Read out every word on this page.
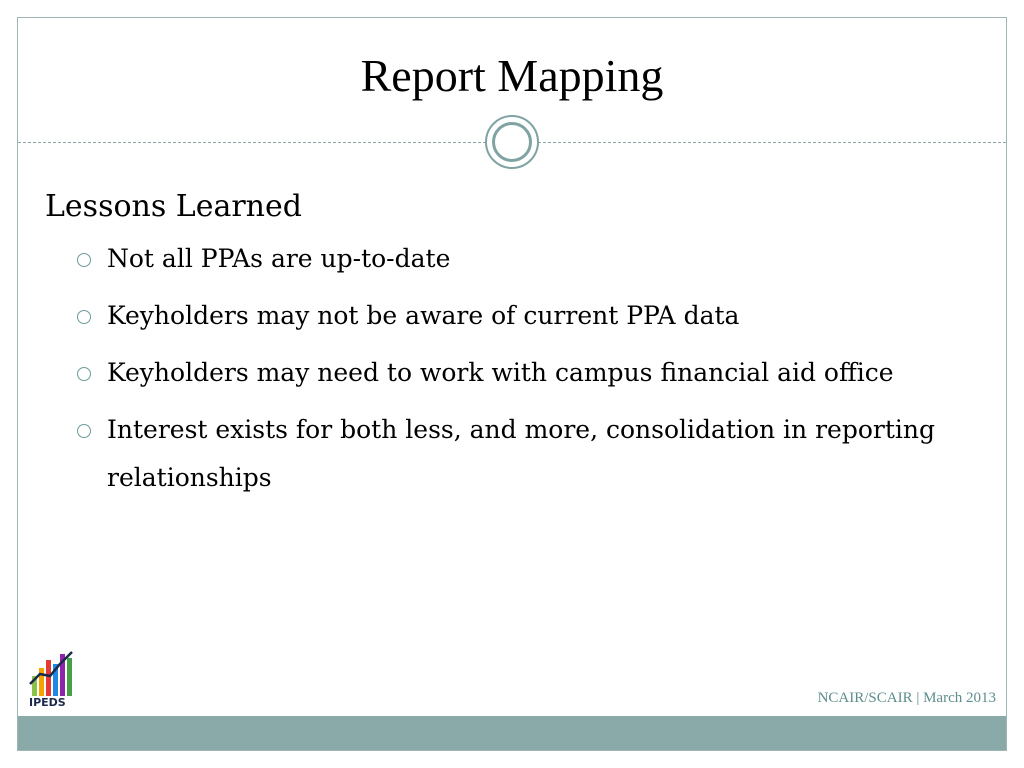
Report Mapping
Lessons Learned
Not all PPAs are up-to-date
Keyholders may not be aware of current PPA data
Keyholders may need to work with campus financial aid office
Interest exists for both less, and more, consolidation in reporting relationships
IPEDS	NCAIR/SCAIR | March 2013
